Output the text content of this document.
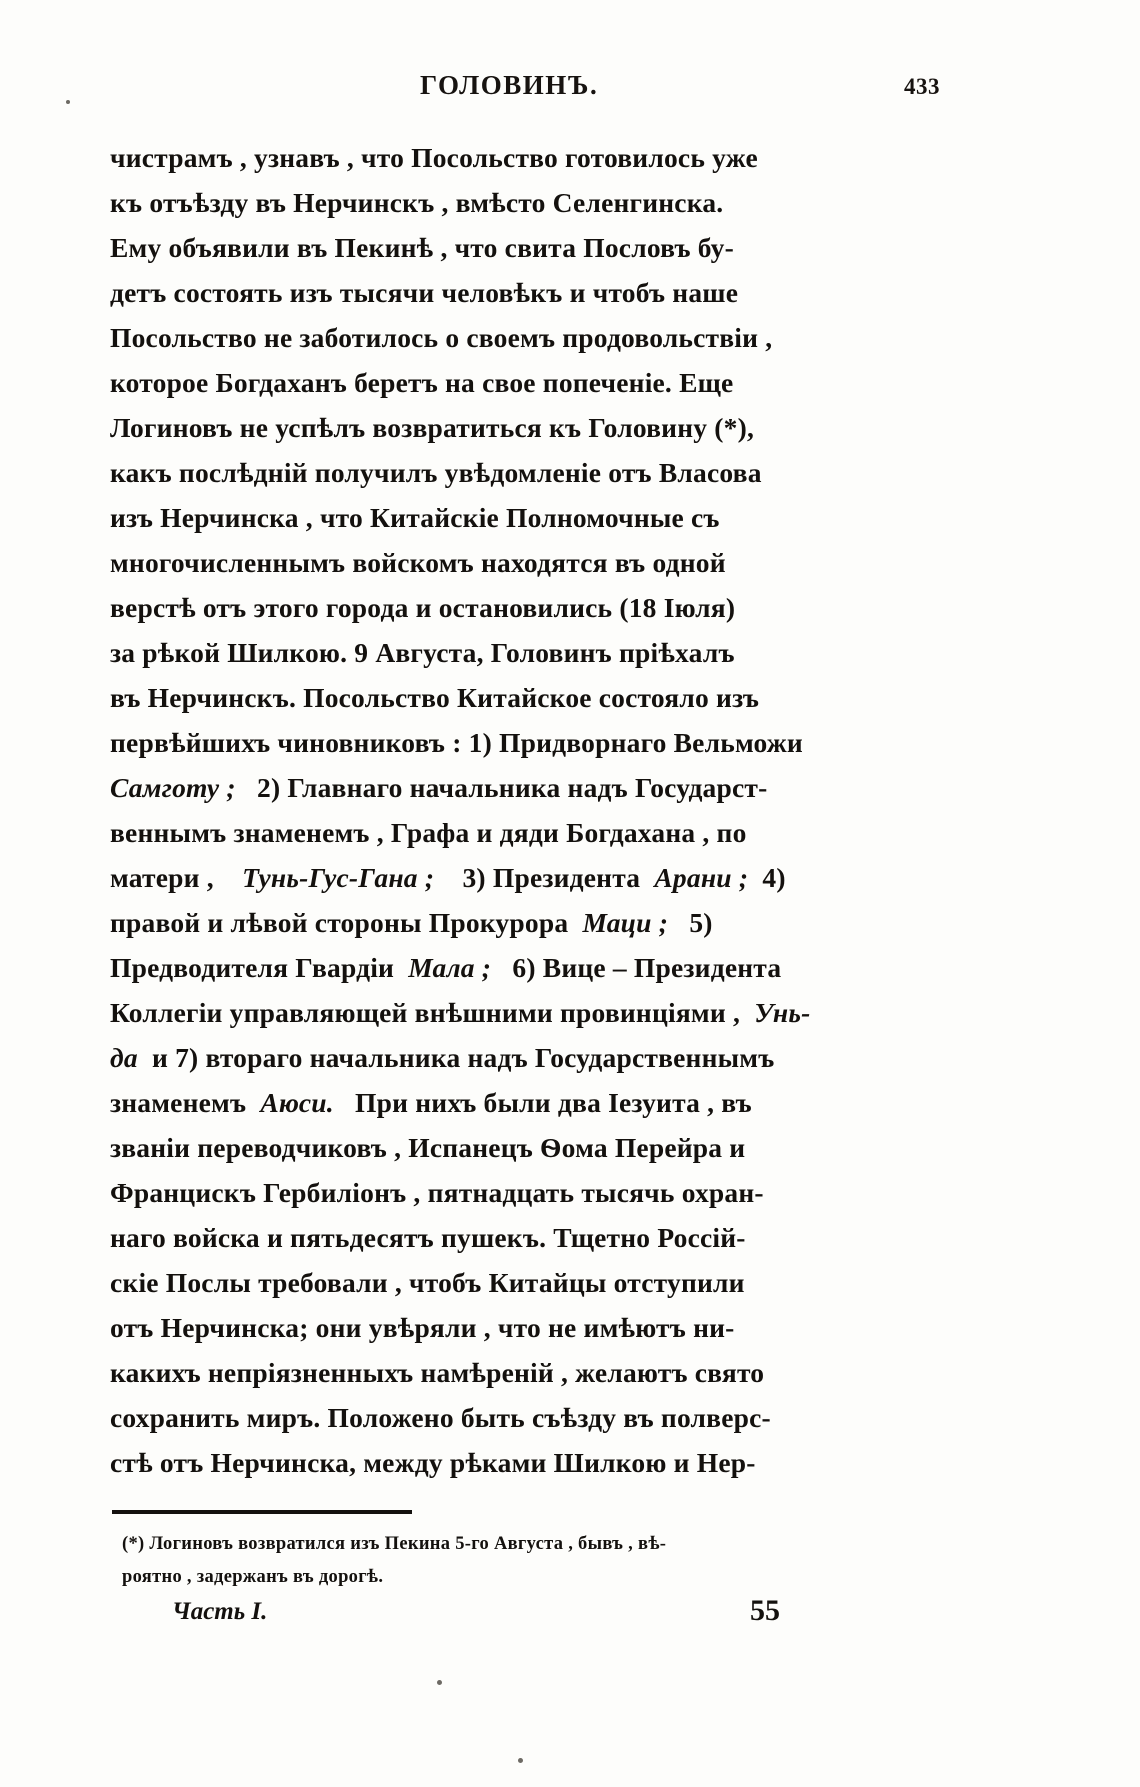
ГОЛОВИНЪ.	433
чистрамъ , узнавъ , что Посольство готовилось уже
къ отъѣзду въ Нерчинскъ , вмѣсто Селенгинска.
Ему объявили въ Пекинѣ , что свита Пословъ бу-
детъ состоять изъ тысячи человѣкъ и чтобъ наше
Посольство не заботилось о своемъ продовольствіи ,
которое Богдаханъ беретъ на свое попеченіе. Еще
Логиновъ не успѣлъ возвратиться къ Головину (*),
какъ послѣдній получилъ увѣдомленіе отъ Власова
изъ Нерчинска , что Китайскіе Полномочные съ
многочисленнымъ войскомъ находятся въ одной
верстѣ отъ этого города и остановились (18 Іюля)
за рѣкой Шилкою. 9 Августа, Головинъ прiѣхалъ
въ Нерчинскъ. Посольство Китайское состояло изъ
первѣйшихъ чиновниковъ : 1) Придворнаго Вельможи
Самготу ; 2) Главнаго начальника надъ Государст-
веннымъ знаменемъ , Графа и дяди Богдахана , по
матери , Тунь-Гус-Гана ; 3) Президента Арани ; 4)
правой и лѣвой стороны Прокурора Маци ; 5)
Предводителя Гвардіи Мала ; 6) Вице – Президента
Коллегіи управляющей внѣшними провинціями , Унь-
да и 7) втораго начальника надъ Государственнымъ
знаменемъ Аюси. При нихъ были два Іезуита , въ
званіи переводчиковъ , Испанецъ Ѳома Перейра и
Францискъ Гербиліонъ , пятнадцать тысячь охран-
наго войска и пятьдесятъ пушекъ. Тщетно Россій-
скіе Послы требовали , чтобъ Китайцы отступили
отъ Нерчинска; они увѣряли , что не имѣютъ ни-
какихъ непріязненныхъ намѣреній , желаютъ свято
сохранить миръ. Положено быть съѣзду въ полверс-
стѣ отъ Нерчинска, между рѣками Шилкою и Нер-
(*) Логиновъ возвратился изъ Пекина 5-го Августа , бывъ , вѣ-
роятно , задержанъ въ дорогѣ.
Часть I.	55
